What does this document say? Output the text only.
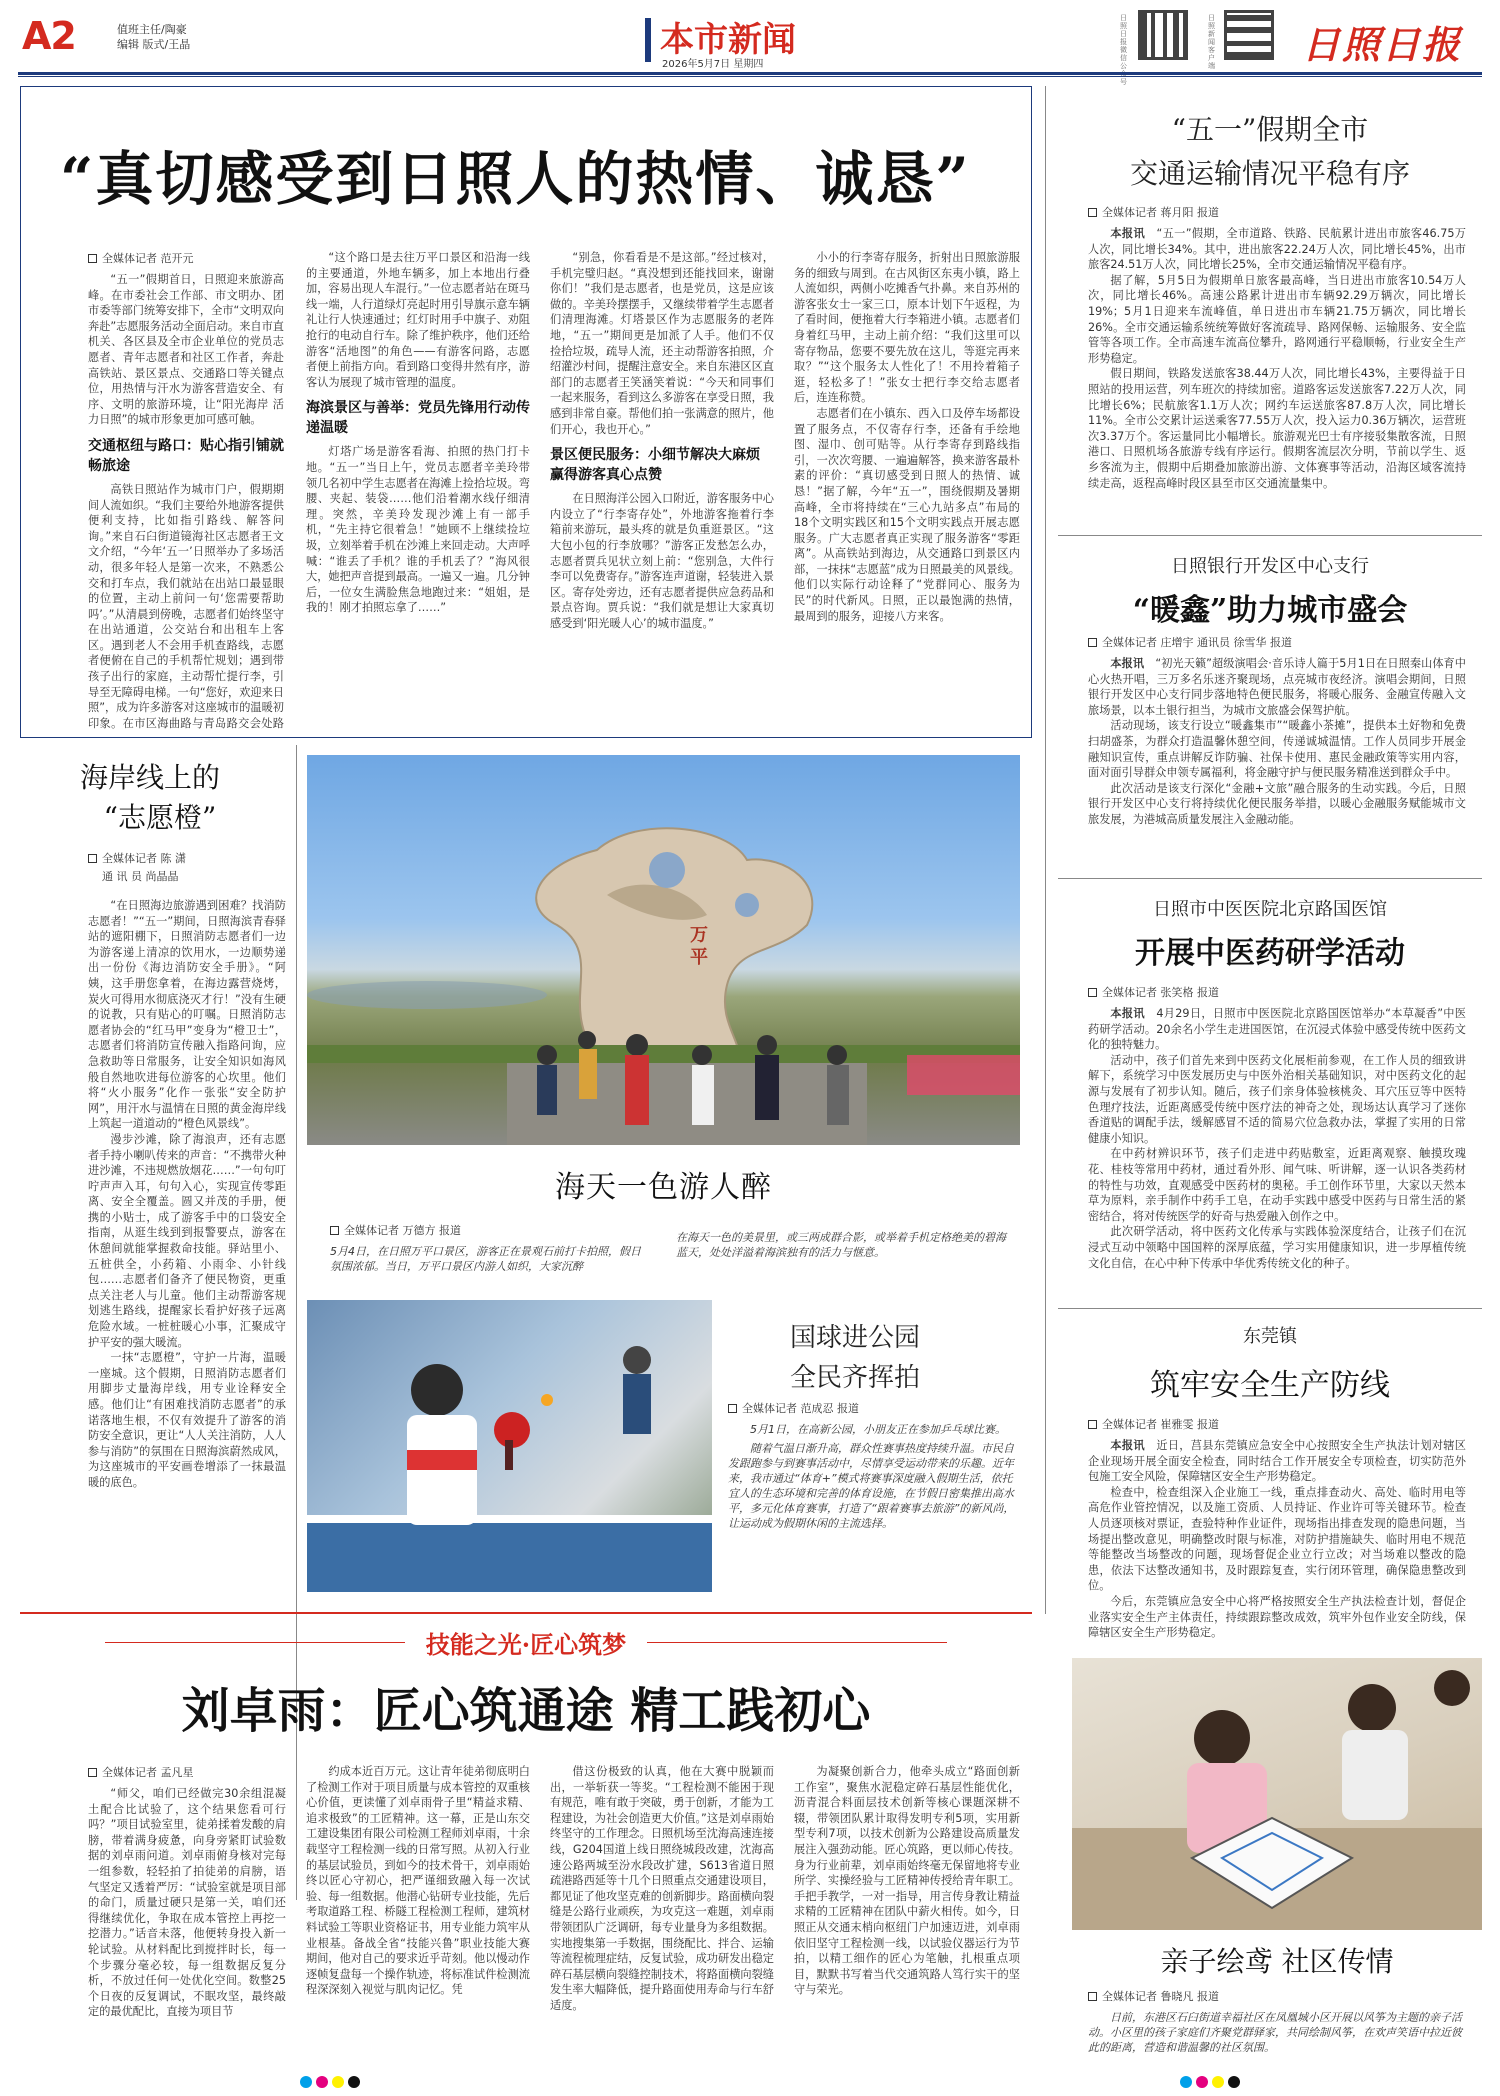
A2	值班主任/陶豪
编辑 版式/王晶	本市新闻
2026年5月7日 星期四
日照日报微信公 号
日照新闻客户端 日照日报
“真切感受到日照人的热情、诚恳”
全媒体记者 范开元

“五一”假期首日，日照迎来旅游高峰。在市委社会工作部、市文明办、团市委等部门统筹安排下，全市“文明双向奔赴”志愿服务活动全面启动。来自市直机关、各区县及全市企业单位的党员志愿者、青年志愿者和社区工作者，奔赴高铁站、景区景点、交通路口等关键点位，用热情与汗水为游客营造安全、有序、文明的旅游环境，让“阳光海岸 活力日照”的城市形象更加可感可触。

交通枢纽与路口：贴心指引铺就畅旅途

高铁日照站作为城市门户，假期期间人流如织。“我们主要给外地游客提供便利支持，比如指引路线、解答问询。”来自石臼街道镜海社区志愿者王文文介绍，“今年‘五一’日照举办了多场活动，很多年轻人是第一次来，不熟悉公交和打车点，我们就站在出站口最显眼的位置，主动上前问一句‘您需要帮助吗’。”从清晨到傍晚，志愿者们始终坚守在出站通道，公交站台和出租车上客区。遇到老人不会用手机查路线，志愿者便俯在自己的手机帮忙规划；遇到带孩子出行的家庭，主动帮忙提行李，引导至无障碍电梯。一句“您好，欢迎来日照”，成为许多游客对这座城市的温暖初印象。在市区海曲路与青岛路交会处路

“这个路口是去往万平口景区和沿海一线的主要通道，外地车辆多，加上本地出行叠加，容易出现人车混行。”一位志愿者站在斑马线一端，人行道绿灯亮起时用引导旗示意车辆礼让行人快速通过；红灯时用手中旗子、劝阻抢行的电动自行车。除了维护秩序，他们还给游客“活地图”的角色——有游客问路，志愿者便上前指方向。看到路口变得井然有序，游客认为展现了城市管理的温度。

海滨景区与善举：党员先锋用行动传递温暖

灯塔广场是游客看海、拍照的热门打卡地。“五一”当日上午，党员志愿者辛美玲带领几名初中学生志愿者在海滩上捡拾垃圾。弯腰、夹起、装袋……他们沿着潮水线仔细清理。突然，辛美玲发现沙滩上有一部手机，“先主持它很着急！”她顾不上继续捡垃圾，立刻举着手机在沙滩上来回走动。大声呼喊：“谁丢了手机？谁的手机丢了？”海风很大，她把声音提到最高。一遍又一遍。几分钟后，一位女生满脸焦急地跑过来：“姐姐，是我的！刚才拍照忘拿了……”

“别急，你看看是不是这部。”经过核对，手机完璧归赵。“真没想到还能找回来，谢谢你们！”我们是志愿者，也是党员，这是应该做的。辛美玲摆摆手，又继续带着学生志愿者们清理海滩。灯塔景区作为志愿服务的老阵地，“五一”期间更是加派了人手。他们不仅捡拾垃圾，疏导人流，还主动帮游客拍照，介绍灌沙村间，提醒注意安全。来自东港区区直部门的志愿者王笑涵笑着说：“今天和同事们一起来服务，看到这么多游客在享受日照，我感到非常自豪。帮他们拍一张满意的照片，他们开心，我也开心。”

景区便民服务：小细节解决大麻烦 赢得游客真心点赞

在日照海洋公园入口附近，游客服务中心内设立了“行李寄存处”，外地游客拖着行李箱前来游玩，最头疼的就是负重逛景区。“这大包小包的行李放哪？”游客正发愁怎么办，志愿者贾兵见状立刻上前：“您别急，大件行李可以免费寄存。”游客连声道谢，轻装进入景区。寄存处旁边，还有志愿者提供应急药品和景点咨询。贾兵说：“我们就是想让大家真切感受到‘阳光暖人心’的城市温度。”

小小的行李寄存服务，折射出日照旅游服务的细致与周到。在古风街区东夷小镇，路上人流如织，两侧小吃摊香气扑鼻。来自苏州的游客张女士一家三口，原本计划下午返程，为了看时间，便拖着大行李箱进小镇。志愿者们身着红马甲，主动上前介绍：“我们这里可以寄存物品，您要不要先放在这儿，等逛完再来取？”“这个服务太人性化了！不用拎着箱子逛，轻松多了！”张女士把行李交给志愿者后，连连称赞。

志愿者们在小镇东、西入口及停车场都设置了服务点，不仅寄存行李，还备有手绘地图、湿巾、创可贴等。从行李寄存到路线指引，一次次弯腰、一遍遍解答，换来游客最朴素的评价：“真切感受到日照人的热情、诚恳！”据了解，今年“五一”，围绕假期及暑期高峰，全市将持续在“三心九站多点”布局的18个文明实践区和15个文明实践点开展志愿服务。广大志愿者真正实现了服务游客“零距离”。从高铁站到海边，从交通路口到景区内部，一抹抹“志愿蓝”成为日照最美的风景线。他们以实际行动诠释了“党群同心、服务为民”的时代新风。日照，正以最饱满的热情，最周到的服务，迎接八方来客。

海岸线上的
“志愿橙”
全媒体记者 陈 潇
通 讯 员 尚晶晶

“在日照海边旅游遇到困难？找消防志愿者！”“五一”期间，日照海滨青春驿站的遮阳棚下，日照消防志愿者们一边为游客递上清凉的饮用水，一边顺势递出一份份《海边消防安全手册》。“阿姨，这手册您拿着，在海边露营烧烤，炭火可得用水彻底浇灭才行！”没有生硬的说教，只有贴心的叮嘱。日照消防志愿者协会的“红马甲”变身为“橙卫士”，志愿者们将消防宣传融入指路问询，应急救助等日常服务，让安全知识如海风般自然地吹进每位游客的心坎里。他们将“火小服务”化作一张张“安全防护网”，用汗水与温情在日照的黄金海岸线上筑起一道道动的“橙色风景线”。

漫步沙滩，除了海浪声，还有志愿者手持小喇叭传来的声音：“不携带火种进沙滩，不违规燃放烟花……”一句句叮咛声声入耳，句句入心，实现宣传零距离、安全全覆盖。圆又并茂的手册，便携的小贴士，成了游客手中的口袋安全指南，从逛生线到到报警要点，游客在休憩间就能掌握救命技能。驿站里小、五桩供全，小药箱、小雨伞、小针线包……志愿者们备齐了便民物资，更重点关注老人与儿童。他们主动帮游客规划逃生路线，提醒家长看护好孩子远离危险水域。一桩桩暖心小事，汇聚成守护平安的强大暖流。

一抹“志愿橙”，守护一片海，温暖一座城。这个假期，日照消防志愿者们用脚步丈量海岸线，用专业诠释安全感。他们让“有困难找消防志愿者”的承诺落地生根，不仅有效提升了游客的消防安全意识，更让“人人关注消防，人人参与消防”的氛围在日照海滨蔚然成风，为这座城市的平安画卷增添了一抹最温暖的底色。

万平
海天一色游人醉
全媒体记者 万德方 报道
5月4日，在日照万平口景区，游客正在景观石前打卡拍照，假日氛围浓郁。当日，万平口景区内游人如织，大家沉醉
在海天一色的美景里，或三两成群合影，或举着手机定格绝美的碧海蓝天，处处洋溢着海滨独有的活力与惬意。
国球进公园
全民齐挥拍
全媒体记者 范成忍 报道
5月1日，在高新公园，小朋友正在参加乒乓球比赛。
随着气温日渐升高，群众性赛事热度持续升温。市民自发跟跑参与到赛事活动中，尽情享受运动带来的乐趣。近年来，我市通过“体育+”模式将赛事深度融入假期生活，依托宜人的生态环境和完善的体育设施，在节假日密集推出高水平，多元化体育赛事，打造了“跟着赛事去旅游”的新风尚，让运动成为假期休闲的主流选择。
“五一”假期全市
交通运输情况平稳有序
全媒体记者 蒋月阳 报道

本报讯　 “五一”假期，全市道路、铁路、民航累计进出市旅客46.75万人次，同比增长34%。其中，进出旅客22.24万人次，同比增长45%，出市旅客24.51万人次，同比增长25%，全市交通运输情况平稳有序。

据了解，5月5日为假期单日旅客最高峰，当日进出市旅客10.54万人次，同比增长46%。高速公路累计进出市车辆92.29万辆次，同比增长19%；5月1日迎来车流峰值，单日进出市车辆21.75万辆次，同比增长26%。全市交通运输系统统筹做好客流疏导、路网保畅、运输服务、安全监管等各项工作。全市高速车流高位攀升，路网通行平稳顺畅，行业安全生产形势稳定。

假日期间，铁路发送旅客38.44万人次，同比增长43%，主要得益于日照站的投用运营，列车班次的持续加密。道路客运发送旅客7.22万人次，同比增长6%；民航旅客1.1万人次；网约车运送旅客87.8万人次，同比增长11%。全市公交累计运送乘客77.55万人次，投入运力0.36万辆次，运营班次3.37万个。客运量同比小幅增长。旅游观光巴士有序接驳集散客流，日照港口、日照机场各旅游专线有序运行。假期客流层次分明，节前以学生、返乡客流为主，假期中后期叠加旅游出游、文体赛事等活动，沿海区域客流持续走高，返程高峰时段区县至市区交通流量集中。

日照银行开发区中心支行
“暖鑫”助力城市盛会
全媒体记者 庄增宇 通讯员 徐雪华 报道

本报讯　 “初光天籁”超级演唱会·音乐诗人篇于5月1日在日照秦山体育中心火热开唱，三万多名乐迷齐聚现场，点亮城市夜经济。演唱会期间，日照银行开发区中心支行同步落地特色便民服务，将暖心服务、金融宣传融入文旅场景，以本土银行担当，为城市文旅盛会保驾护航。

活动现场，该支行设立“暖鑫集市”“暖鑫小茶摊”，提供本土好物和免费扫胡盛茶，为群众打造温馨休憩空间，传递诚城温情。工作人员同步开展金融知识宣传，重点讲解反诈防骗、社保卡使用、惠民金融政策等实用内容，面对面引导群众申领专属福利，将金融守护与便民服务精准送到群众手中。

此次活动是该支行深化“金融+文旅”融合服务的生动实践。今后，日照银行开发区中心支行将持续优化便民服务举措，以暖心金融服务赋能城市文旅发展，为港城高质量发展注入金融动能。

日照市中医医院北京路国医馆
开展中医药研学活动
全媒体记者 张笑格 报道

本报讯　 4月29日，日照市中医医院北京路国医馆举办“本草凝香”中医药研学活动。20余名小学生走进国医馆，在沉浸式体验中感受传统中医药文化的独特魅力。

活动中，孩子们首先来到中医药文化展柜前参观，在工作人员的细致讲解下，系统学习中医发展历史与中医外治相关基础知识，对中医药文化的起源与发展有了初步认知。随后，孩子们亲身体验核桃灸、耳穴压豆等中医特色理疗技法，近距离感受传统中医疗法的神奇之处，现场达认真学习了迷你香道贴的调配手法，缓解感冒不适的简易穴位急救办法，掌握了实用的日常健康小知识。

在中药材辨识环节，孩子们走进中药贴敷室，近距离观察、触摸玫瑰花、桂枝等常用中药材，通过看外形、闻气味、听讲解，逐一认识各类药材的特性与功效，直观感受中医药材的奥秘。手工创作环节里，大家以天然本草为原料，亲手制作中药手工皂，在动手实践中感受中医药与日常生活的紧密结合，将对传统医学的好奇与热爱融入创作之中。

此次研学活动，将中医药文化传承与实践体验深度结合，让孩子们在沉浸式互动中领略中国国粹的深厚底蕴，学习实用健康知识，进一步厚植传统文化自信，在心中种下传承中华优秀传统文化的种子。

东莞镇
筑牢安全生产防线
全媒体记者 崔雅雯 报道

本报讯　 近日，莒县东莞镇应急安全中心按照安全生产执法计划对辖区企业现场开展全面安全检查，同时结合工作开展安全专项检查，切实防范外包施工安全风险，保障辖区安全生产形势稳定。

检查中，检查组深入企业施工一线，重点排查动火、高处、临时用电等高危作业管控情况，以及施工资质、人员持证、作业许可等关键环节。检查人员逐项核对票证，查验特种作业证件，现场指出排查发现的隐患问题，当场提出整改意见，明确整改时限与标准，对防护措施缺失、临时用电不规范等能整改当场整改的问题，现场督促企业立行立改；对当场难以整改的隐患，依法下达整改通知书，及时跟踪复查，实行闭环管理，确保隐患整改到位。

今后，东莞镇应急安全中心将严格按照安全生产执法检查计划，督促企业落实安全生产主体责任，持续跟踪整改成效，筑牢外包作业安全防线，保障辖区安全生产形势稳定。

亲子绘鸢 社区传情
全媒体记者 鲁晓凡 报道
日前，东港区石臼街道幸福社区在凤凰城小区开展以风筝为主题的亲子活动。小区里的孩子家庭们齐聚党群驿家，共同绘制风筝，在欢声笑语中拉近彼此的距离，营造和谐温馨的社区氛围。
技能之光·匠心筑梦
刘卓雨：匠心筑通途 精工践初心
全媒体记者 孟凡星

“师父，咱们已经做完30余组混凝土配合比试验了，这个结果您看可行吗？”项目试验室里，徒弟揉着发酸的肩膀，带着满身疲惫，向身旁紧盯试验数据的刘卓雨问道。刘卓雨俯身核对完每一组参数，轻轻拍了拍徒弟的肩膀，语气坚定又透着严厉：“试验室就是项目部的命门，质量过硬只是第一关，咱们还得继续优化，争取在成本管控上再挖一挖潜力。”话音未落，他便转身投入新一轮试验。从材料配比到搅拌时长，每一个步骤分毫必较，每一组数据反复分析，不放过任何一处优化空间。数整25个日夜的反复调试，不眠攻坚，最终敲定的最优配比，直接为项目节

约成本近百万元。这让青年徒弟彻底明白了检测工作对于项目质量与成本管控的双重核心价值，更读懂了刘卓雨骨子里“精益求精、追求极致”的工匠精神。这一幕，正是山东交工建设集团有限公司检测工程师刘卓雨，十余载坚守工程检测一线的日常写照。从初入行业的基层试验员，到如今的技术骨干，刘卓雨始终以匠心守初心，把严谨细致融入每一次试验、每一组数据。他潜心钻研专业技能，先后考取道路工程、桥隧工程检测工程师，建筑材料试验工等职业资格证书，用专业能力筑牢从业根基。备战全省“技能兴鲁”职业技能大赛期间，他对自己的要求近乎苛刻。他以慢动作逐帧复盘每一个操作轨迹，将标准试件检测流程深深刻入视觉与肌肉记忆。凭

借这份极致的认真，他在大赛中脱颖而出，一举斩获一等奖。“工程检测不能困于现有规范，唯有敢于突破，勇于创新，才能为工程建设，为社会创造更大价值。”这是刘卓雨始终坚守的工作理念。日照机场至沈海高速连接线，G204国道上线日照绕城段改建，沈海高速公路两城至汾水段改扩建，S613省道日照疏港路西延等十几个日照重点交通建设项目，都见证了他攻坚克难的创新脚步。路面横向裂缝是公路行业顽疾，为攻克这一难题，刘卓雨带领团队广泛调研，每专业量身为多组数据。实地搜集第一手数据，围绕配比、拌合、运输等流程梳理症结，反复试验，成功研发出稳定碎石基层横向裂缝控制技术，将路面横向裂缝发生率大幅降低，提升路面使用寿命与行车舒适度。

为凝聚创新合力，他牵头成立“路面创新工作室”，聚焦水泥稳定碎石基层性能优化，沥青混合料面层技术创新等核心课题深耕不辍，带领团队累计取得发明专利5项，实用新型专利7项，以技术创新为公路建设高质量发展注入强劲动能。匠心筑路，更以师心传技。身为行业前辈，刘卓雨始终毫无保留地将专业所学、实操经验与工匠精神传授给青年职工。手把手教学，一对一指导，用言传身教让精益求精的工匠精神在团队中薪火相传。如今，日照正从交通末梢向枢纽门户加速迈进，刘卓雨依旧坚守工程检测一线，以试验仪器运行为节拍，以精工细作的匠心为笔触，扎根重点项目，默默书写着当代交通筑路人笃行实干的坚守与荣光。
